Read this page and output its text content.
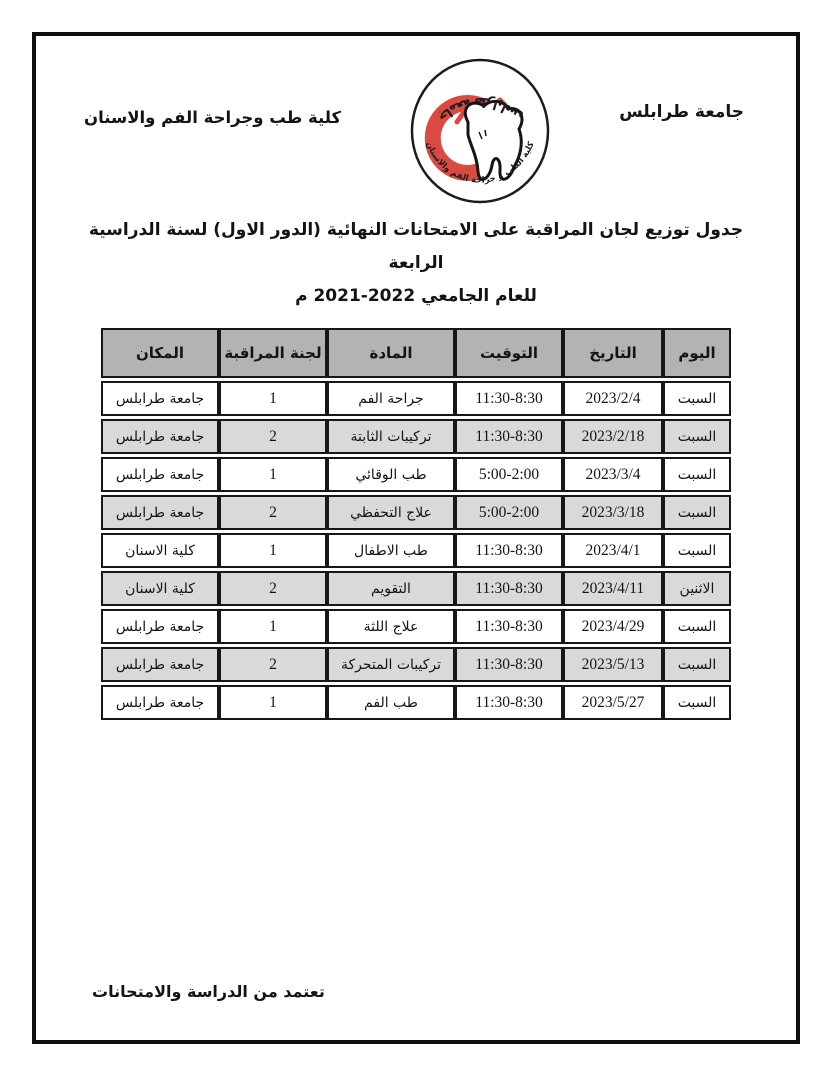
جامعة طرابلس
جامعة طرابلس
كلية الطب و جراحة الفم والاسنان
كلية طب وجراحة الفم والاسنان
جدول توزيع لجان المراقبة على الامتحانات النهائية (الدور الاول) لسنة الدراسية الرابعة
للعام الجامعي 2022-2021 م
اليوم	التاريخ	التوقيت	المادة	لجنة المراقبة	المكان
السبت	2023/2/4	11:30-8:30	جراحة الفم	1	جامعة طرابلس
السبت	2023/2/18	11:30-8:30	تركيبات الثابتة	2	جامعة طرابلس
السبت	2023/3/4	5:00-2:00	طب الوقائي	1	جامعة طرابلس
السبت	2023/3/18	5:00-2:00	علاج التحفظي	2	جامعة طرابلس
السبت	2023/4/1	11:30-8:30	طب الاطفال	1	كلية الاسنان
الاثنين	2023/4/11	11:30-8:30	التقويم	2	كلية الاسنان
السبت	2023/4/29	11:30-8:30	علاج اللثة	1	جامعة طرابلس
السبت	2023/5/13	11:30-8:30	تركيبات المتحركة	2	جامعة طرابلس
السبت	2023/5/27	11:30-8:30	طب الفم	1	جامعة طرابلس
تعتمد من الدراسة والامتحانات
